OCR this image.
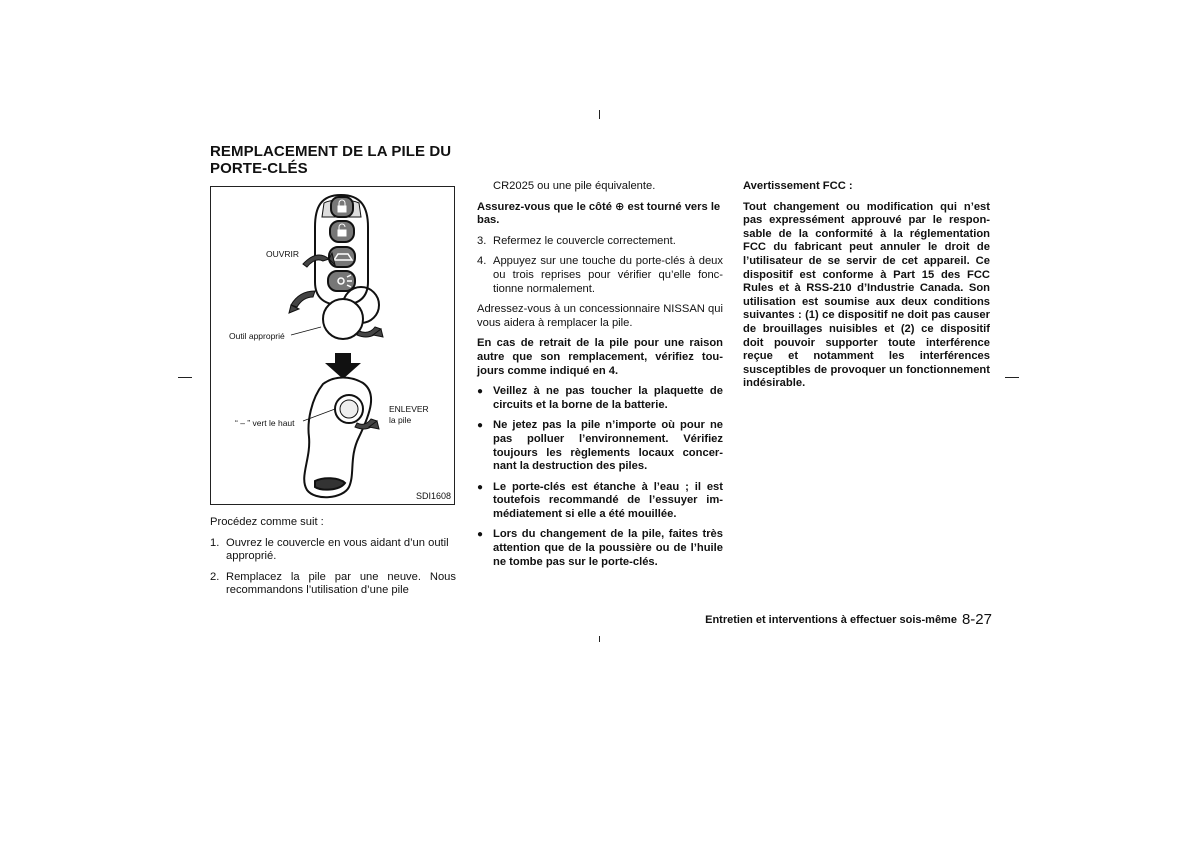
REMPLACEMENT DE LA PILE DU PORTE-CLÉS
OUVRIR
Outil approprié
“ – ” vert le haut
ENLEVER
la pile
SDI1608

Procédez comme suit :

1. Ouvrez le couvercle en vous aidant d’un outil approprié.
2. Remplacez la pile par une neuve. Nous recommandons l’utilisation d’une pile

CR2025 ou une pile équivalente.

Assurez-vous que le côté ⊕ est tourné vers le bas.

3. Refermez le couvercle correctement.
4. Appuyez sur une touche du porte-clés à deux ou trois reprises pour vérifier qu’elle fonc- tionne normalement.

Adressez-vous à un concessionnaire NISSAN qui vous aidera à remplacer la pile.

En cas de retrait de la pile pour une raison autre que son remplacement, vérifiez tou- jours comme indiqué en 4.

● Veillez à ne pas toucher la plaquette de circuits et la borne de la batterie.
● Ne jetez pas la pile n’importe où pour ne pas polluer l’environnement. Vérifiez toujours les règlements locaux concer- nant la destruction des piles.
● Le porte-clés est étanche à l’eau ; il est toutefois recommandé de l’essuyer im- médiatement si elle a été mouillée.
● Lors du changement de la pile, faites très attention que de la poussière ou de l’huile ne tombe pas sur le porte-clés.

Avertissement FCC :

Tout changement ou modification qui n’est pas expressément approuvé par le respon- sable de la conformité à la réglementation FCC du fabricant peut annuler le droit de l’utilisateur de se servir de cet appareil. Ce dispositif est conforme à Part 15 des FCC Rules et à RSS-210 d’Industrie Canada. Son utilisation est soumise aux deux conditions suivantes : (1) ce dispositif ne doit pas causer de brouillages nuisibles et (2) ce dispositif doit pouvoir supporter toute interférence reçue et notamment les interférences susceptibles de provoquer un fonctionnement indésirable.

Entretien et interventions à effectuer sois-même 8-27
